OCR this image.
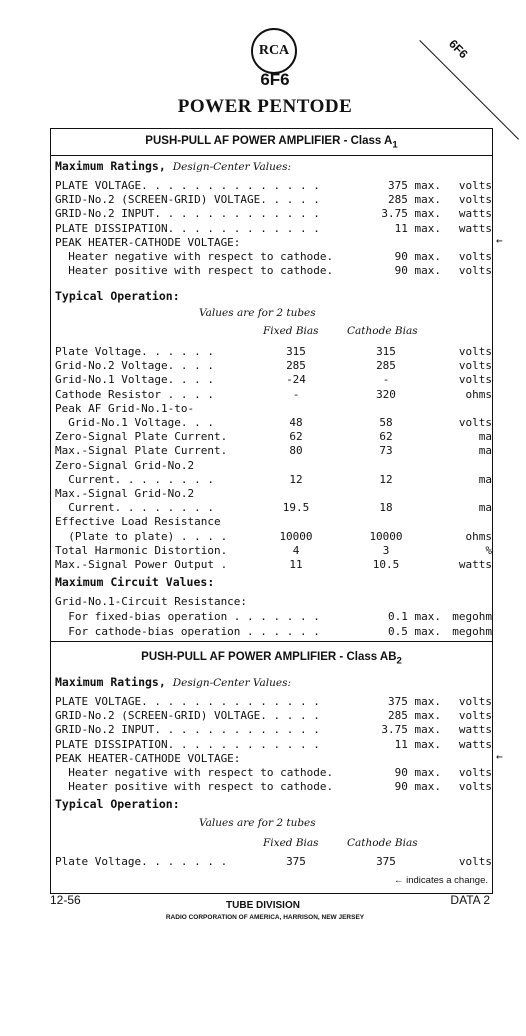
RCA
6F6
POWER PENTODE
6F6
PUSH-PULL AF POWER AMPLIFIER - Class $A_1$
Maximum Ratings, Design-Center Values:
PLATE VOLTAGE. . . . . . . . . . . . . .	375 max. volts
GRID-No.2 (SCREEN-GRID) VOLTAGE. . . . .	285 max. volts
GRID-No.2 INPUT. . . . . . . . . . . . .	3.75 max. watts
PLATE DISSIPATION. . . . . . . . . . . .	11 max. watts
PEAK HEATER-CATHODE VOLTAGE:
Heater negative with respect to cathode.	90 max. volts
Heater positive with respect to cathode.	90 max. volts
Typical Operation:
Values are for 2 tubes
Fixed Bias	Cathode Bias
Plate Voltage. . . . . .	315	315	volts
Grid-No.2 Voltage. . . .	285	285	volts
Grid-No.1 Voltage. . . .	-24	-	volts
Cathode Resistor . . . .	-	320	ohms
Peak AF Grid-No.1-to-
Grid-No.1 Voltage. . .	48	58	volts
Zero-Signal Plate Current.	62	62	ma
Max.-Signal Plate Current.	80	73	ma
Zero-Signal Grid-No.2
Current. . . . . . . .	12	12	ma
Max.-Signal Grid-No.2
Current. . . . . . . .	19.5	18	ma
Effective Load Resistance
(Plate to plate) . . . .	10000	10000	ohms
Total Harmonic Distortion.	4	3	%
Max.-Signal Power Output .	11	10.5	watts
Maximum Circuit Values:
Grid-No.1-Circuit Resistance:
For fixed-bias operation . . . . . . .	0.1 max. megohm
For cathode-bias operation . . . . . .	0.5 max. megohm
PUSH-PULL AF POWER AMPLIFIER - Class $AB_2$
Maximum Ratings, Design-Center Values:
PLATE VOLTAGE. . . . . . . . . . . . . .	375 max. volts
GRID-No.2 (SCREEN-GRID) VOLTAGE. . . . .	285 max. volts
GRID-No.2 INPUT. . . . . . . . . . . . .	3.75 max. watts
PLATE DISSIPATION. . . . . . . . . . . .	11 max. watts
PEAK HEATER-CATHODE VOLTAGE:
Heater negative with respect to cathode.	90 max. volts
Heater positive with respect to cathode.	90 max. volts
Typical Operation:
Values are for 2 tubes
Fixed Bias	Cathode Bias
Plate Voltage. . . . . . .	375	375	volts
← indicates a change.
←
←
12-56	TUBE DIVISION	DATA 2
RADIO CORPORATION OF AMERICA, HARRISON, NEW JERSEY
